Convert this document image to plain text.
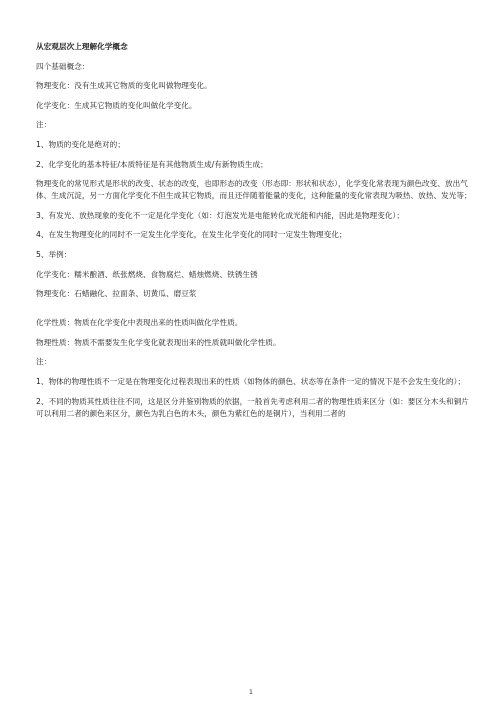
从宏观层次上理解化学概念

四个基础概念：

物理变化：没有生成其它物质的变化叫做物理变化。

化学变化：生成其它物质的变化叫做化学变化。

注：

1、物质的变化是绝对的；

2、化学变化的基本特征/本质特征是有其他物质生成/有新物质生成；

物理变化的常见形式是形状的改变、状态的改变，也即形态的改变（形态即：形状和状态），化学变化常表现为颜色改变、放出气体、生成沉淀，另一方面化学变化不但生成其它物质，而且还伴随着能量的变化，这种能量的变化常表现为吸热、放热、发光等；

3、有发光、放热现象的变化不一定是化学变化（如：灯泡发光是电能转化成光能和内能，因此是物理变化）；

4、在发生物理变化的同时不一定发生化学变化，在发生化学变化的同时一定发生物理变化；

5、举例：

化学变化：糯米酿酒、纸张燃烧、食物腐烂、蜡烛燃烧、铁锈生锈

物理变化：石蜡融化、拉面条、切黄瓜、磨豆浆

化学性质：物质在化学变化中表现出来的性质叫做化学性质。

物理性质：物质不需要发生化学变化就表现出来的性质就叫做化学性质。

注：

1、物体的物理性质不一定是在物理变化过程表现出来的性质（如物体的颜色、状态等在条件一定的情况下是不会发生变化的）；

2、不同的物质其性质往往不同，这是区分并鉴别物质的依据，一般首先考虑利用二者的物理性质来区分（如：要区分木头和铜片可以利用二者的颜色来区分，颜色为乳白色的木头，颜色为紫红色的是铜片），当利用二者的

1
